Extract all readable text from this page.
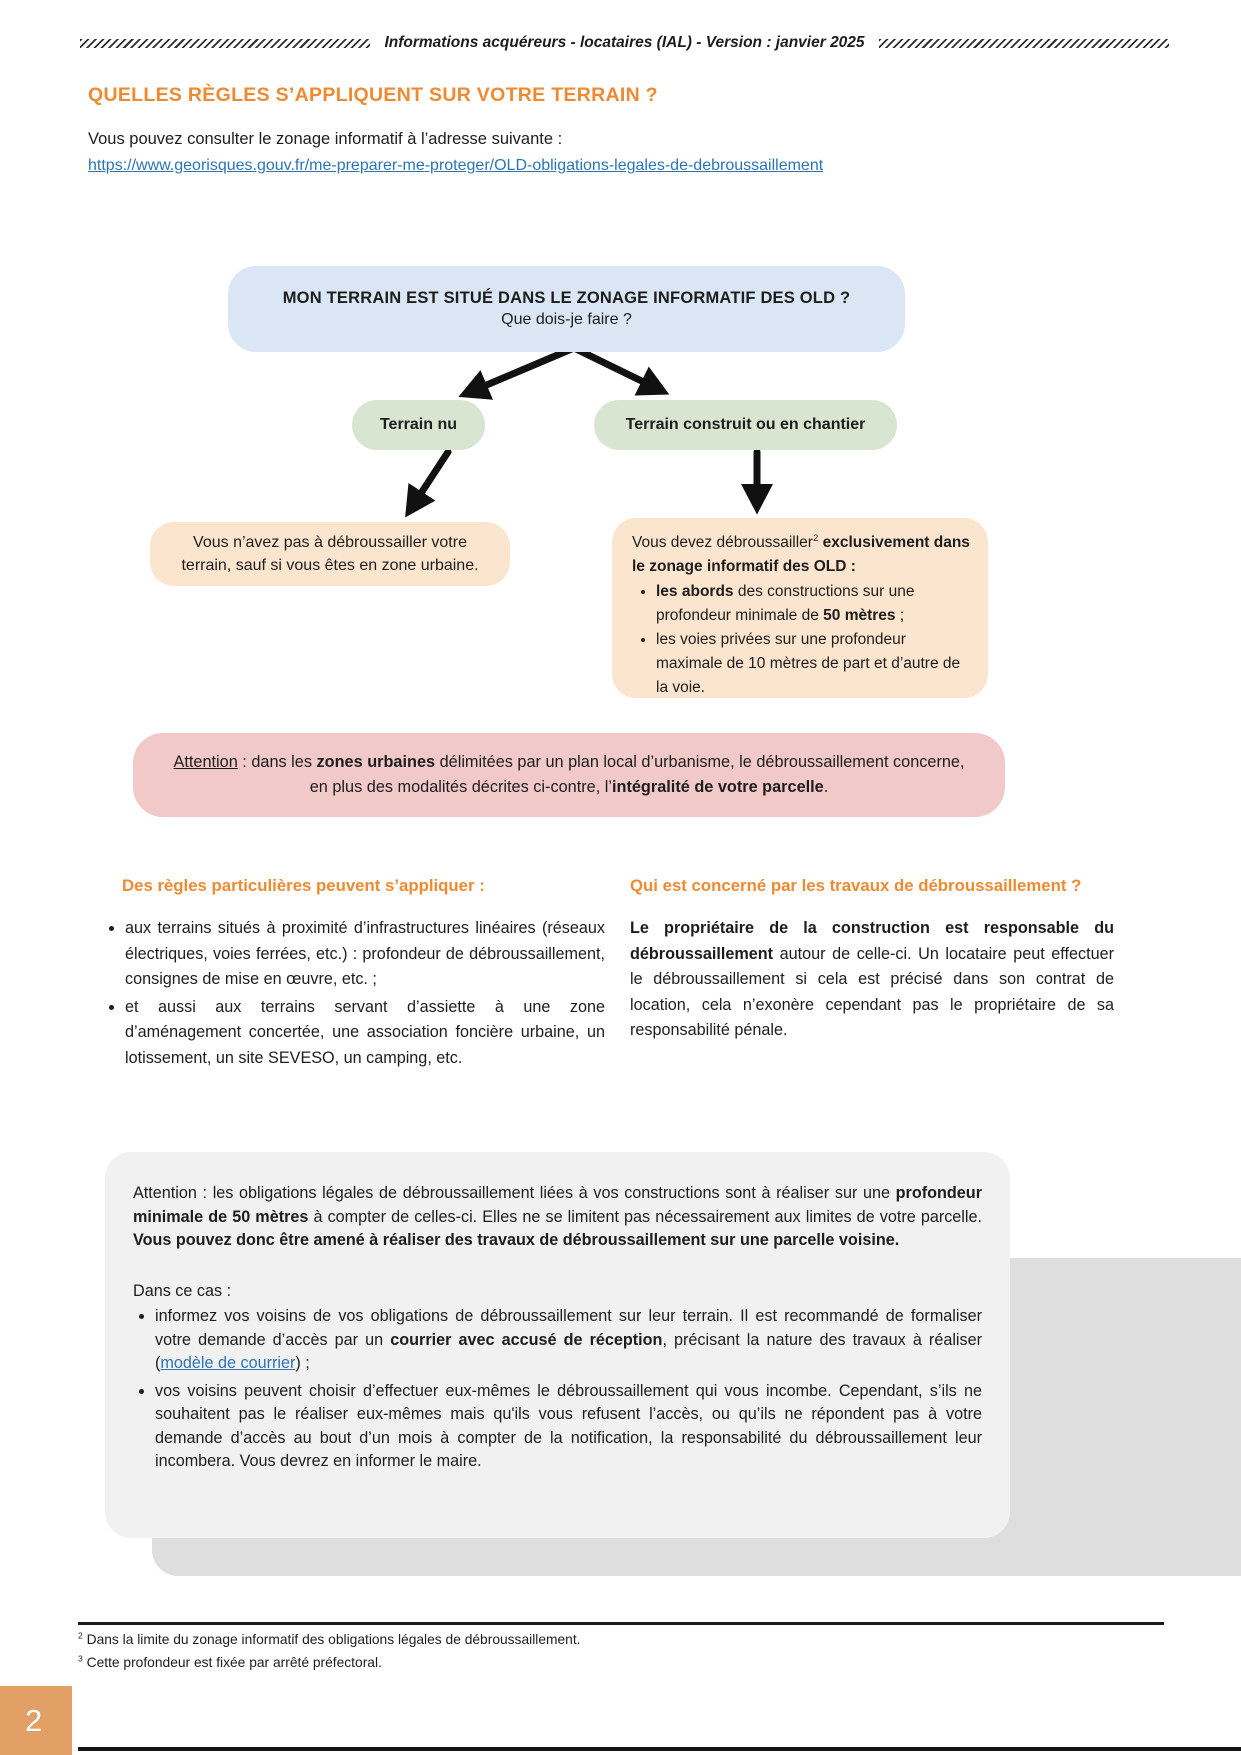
Informations acquéreurs - locataires (IAL) - Version : janvier 2025
QUELLES RÈGLES S’APPLIQUENT SUR VOTRE TERRAIN ?
Vous pouvez consulter le zonage informatif à l’adresse suivante :
https://www.georisques.gouv.fr/me-preparer-me-proteger/OLD-obligations-legales-de-debroussaillement
MON TERRAIN EST SITUÉ DANS LE ZONAGE INFORMATIF DES OLD ?
Que dois-je faire ?
Terrain nu	Terrain construit ou en chantier
Vous n’avez pas à débroussailler votre terrain, sauf si vous êtes en zone urbaine.
Vous devez débroussailler$^2$ exclusivement dans le zonage informatif des OLD :
• les abords des constructions sur une profondeur minimale de 50 mètres ;
• les voies privées sur une profondeur maximale de 10 mètres de part et d’autre de la voie.
Attention : dans les zones urbaines délimitées par un plan local d’urbanisme, le débroussaillement concerne, en plus des modalités décrites ci-contre, l’intégralité de votre parcelle.
Des règles particulières peuvent s’appliquer :	Qui est concerné par les travaux de débroussaillement ?
• aux terrains situés à proximité d’infrastructures linéaires (réseaux électriques, voies ferrées, etc.) : profondeur de débroussaillement, consignes de mise en œuvre, etc. ;
• et aussi aux terrains servant d’assiette à une zone d’aménagement concertée, une association foncière urbaine, un lotissement, un site SEVESO, un camping, etc.
Le propriétaire de la construction est responsable du débroussaillement autour de celle-ci. Un locataire peut effectuer le débroussaillement si cela est précisé dans son contrat de location, cela n’exonère cependant pas le propriétaire de sa responsabilité pénale.

Attention : les obligations légales de débroussaillement liées à vos constructions sont à réaliser sur une profondeur minimale de 50 mètres à compter de celles-ci. Elles ne se limitent pas nécessairement aux limites de votre parcelle. Vous pouvez donc être amené à réaliser des travaux de débroussaillement sur une parcelle voisine.

Dans ce cas :

• informez vos voisins de vos obligations de débroussaillement sur leur terrain. Il est recommandé de formaliser votre demande d’accès par un courrier avec accusé de réception, précisant la nature des travaux à réaliser (modèle de courrier) ;
• vos voisins peuvent choisir d’effectuer eux-mêmes le débroussaillement qui vous incombe. Cependant, s’ils ne souhaitent pas le réaliser eux-mêmes mais qu'ils vous refusent l’accès, ou qu’ils ne répondent pas à votre demande d’accès au bout d’un mois à compter de la notification, la responsabilité du débroussaillement leur incombera. Vous devrez en informer le maire.
$^2$ Dans la limite du zonage informatif des obligations légales de débroussaillement.
$^3$ Cette profondeur est fixée par arrêté préfectoral.
2
